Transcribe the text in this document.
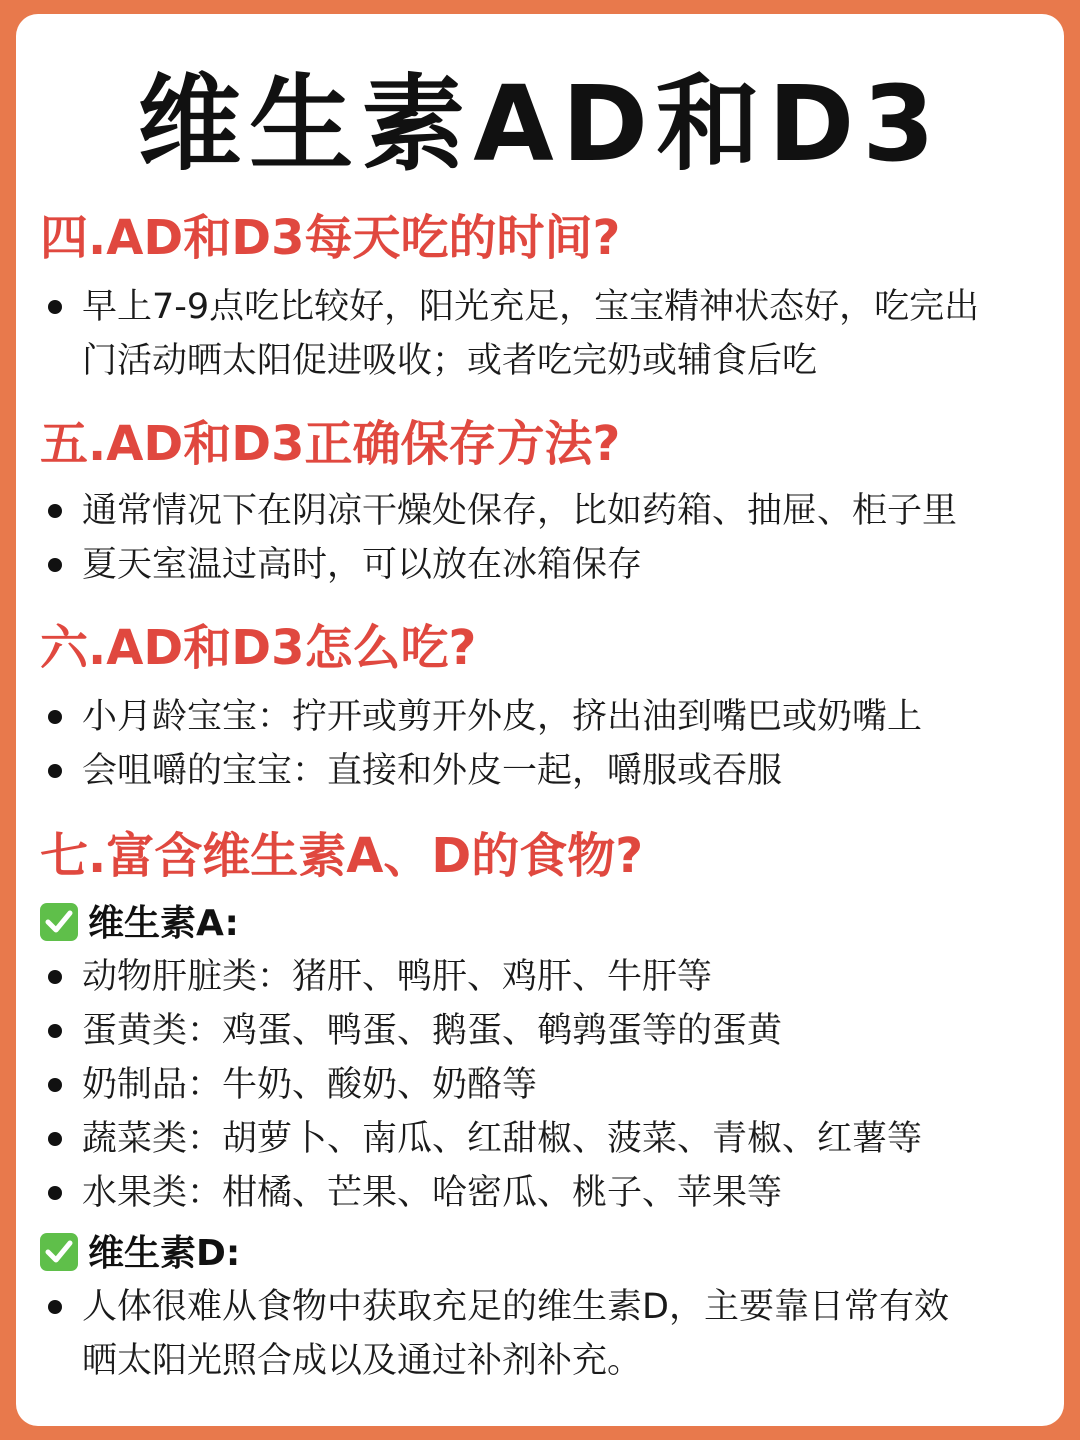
维生素AD和D3
四.AD和D3每天吃的时间?
早上7-9点吃比较好，阳光充足，宝宝精神状态好，吃完出
门活动晒太阳促进吸收；或者吃完奶或辅食后吃
五.AD和D3正确保存方法?
通常情况下在阴凉干燥处保存，比如药箱、抽屉、柜子里
夏天室温过高时，可以放在冰箱保存
六.AD和D3怎么吃?
小月龄宝宝：拧开或剪开外皮，挤出油到嘴巴或奶嘴上
会咀嚼的宝宝：直接和外皮一起，嚼服或吞服
七.富含维生素A、D的食物?
维生素A:
动物肝脏类：猪肝、鸭肝、鸡肝、牛肝等
蛋黄类：鸡蛋、鸭蛋、鹅蛋、鹌鹑蛋等的蛋黄
奶制品：牛奶、酸奶、奶酪等
蔬菜类：胡萝卜、南瓜、红甜椒、菠菜、青椒、红薯等
水果类：柑橘、芒果、哈密瓜、桃子、苹果等
维生素D:
人体很难从食物中获取充足的维生素D，主要靠日常有效
晒太阳光照合成以及通过补剂补充。
